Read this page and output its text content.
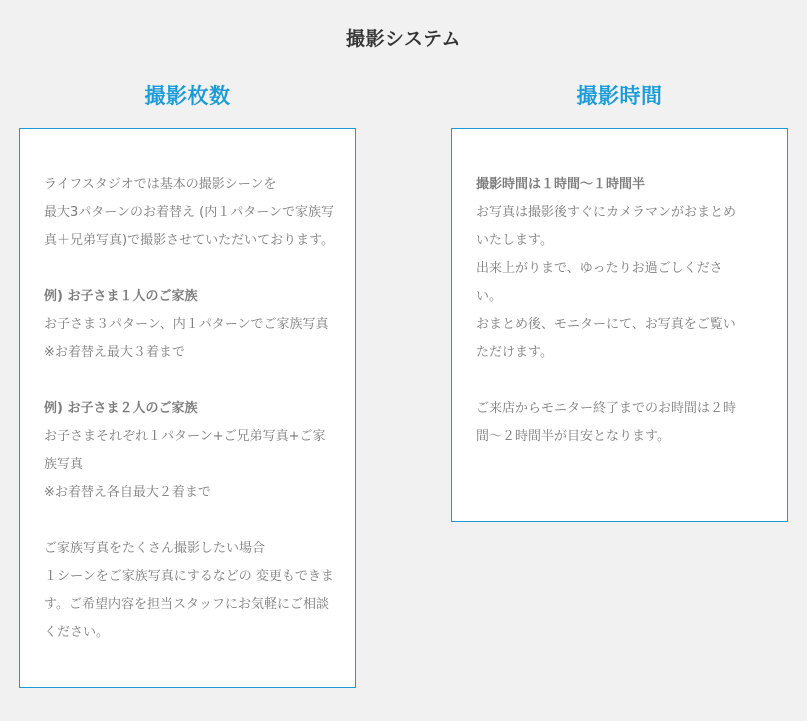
撮影システム
撮影枚数	撮影時間
ライフスタジオでは基本の撮影シーンを
最大3パターンのお着替え (内１パターンで家族写
真＋兄弟写真)で撮影させていただいております。
例) お子さま１人のご家族
お子さま３パターン、内１パターンでご家族写真
※お着替え最大３着まで
例) お子さま２人のご家族
お子さまそれぞれ１パターン+ご兄弟写真+ご家
族写真
※お着替え各自最大２着まで
ご家族写真をたくさん撮影したい場合
１シーンをご家族写真にするなどの 変更もできま
す。ご希望内容を担当スタッフにお気軽にご相談
ください。
撮影時間は１時間〜１時間半
お写真は撮影後すぐにカメラマンがおまとめ
いたします。
出来上がりまで、ゆったりお過ごしくださ
い。
おまとめ後、モニターにて、お写真をご覧い
ただけます。
ご来店からモニター終了までのお時間は２時
間〜２時間半が目安となります。
